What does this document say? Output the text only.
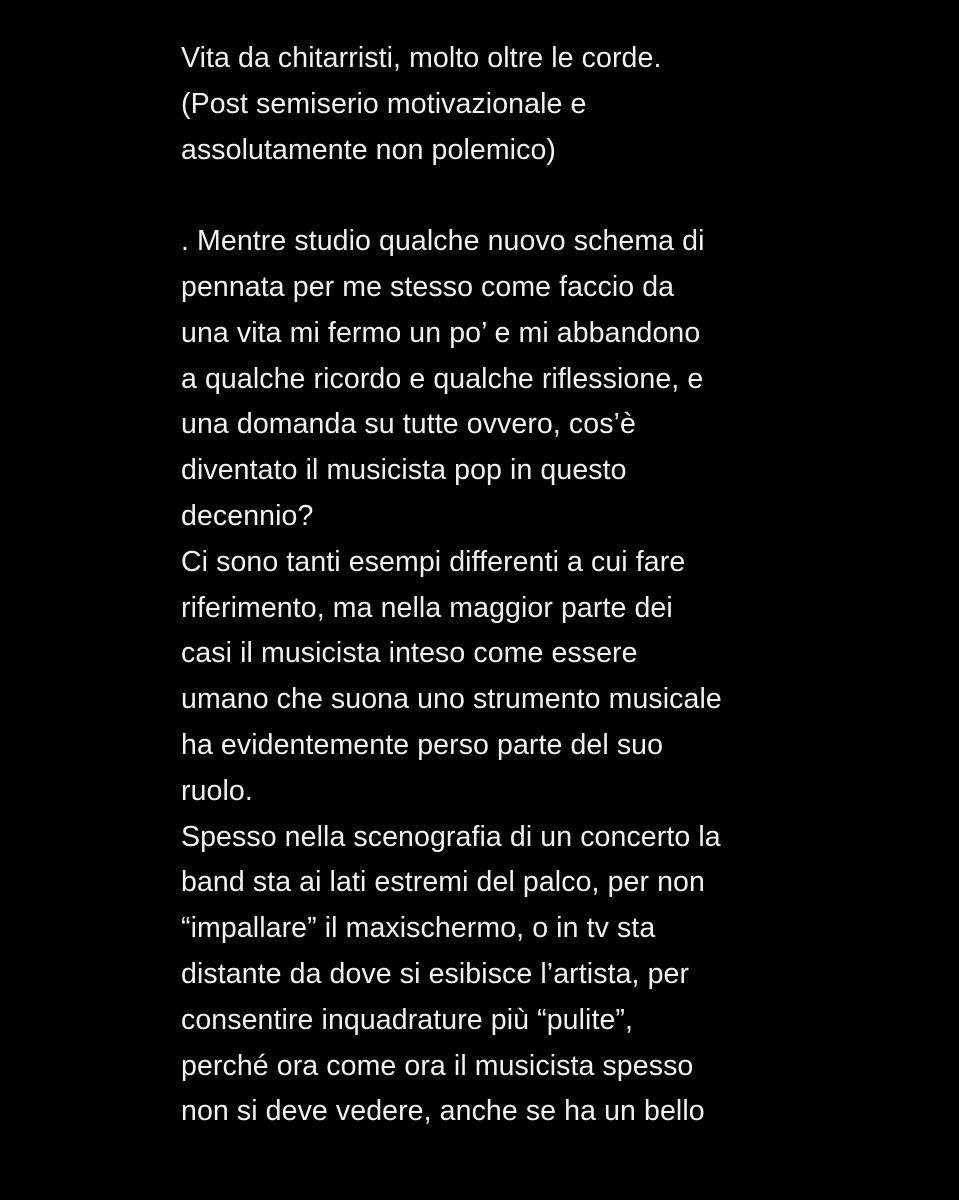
Vita da chitarristi, molto oltre le corde.
(Post semiserio motivazionale e
assolutamente non polemico)
. Mentre studio qualche nuovo schema di
pennata per me stesso come faccio da
una vita mi fermo un po’ e mi abbandono
a qualche ricordo e qualche riflessione, e
una domanda su tutte ovvero, cos’è
diventato il musicista pop in questo
decennio?
Ci sono tanti esempi differenti a cui fare
riferimento, ma nella maggior parte dei
casi il musicista inteso come essere
umano che suona uno strumento musicale
ha evidentemente perso parte del suo
ruolo.
Spesso nella scenografia di un concerto la
band sta ai lati estremi del palco, per non
“impallare” il maxischermo, o in tv sta
distante da dove si esibisce l’artista, per
consentire inquadrature più “pulite”,
perché ora come ora il musicista spesso
non si deve vedere, anche se ha un bello
